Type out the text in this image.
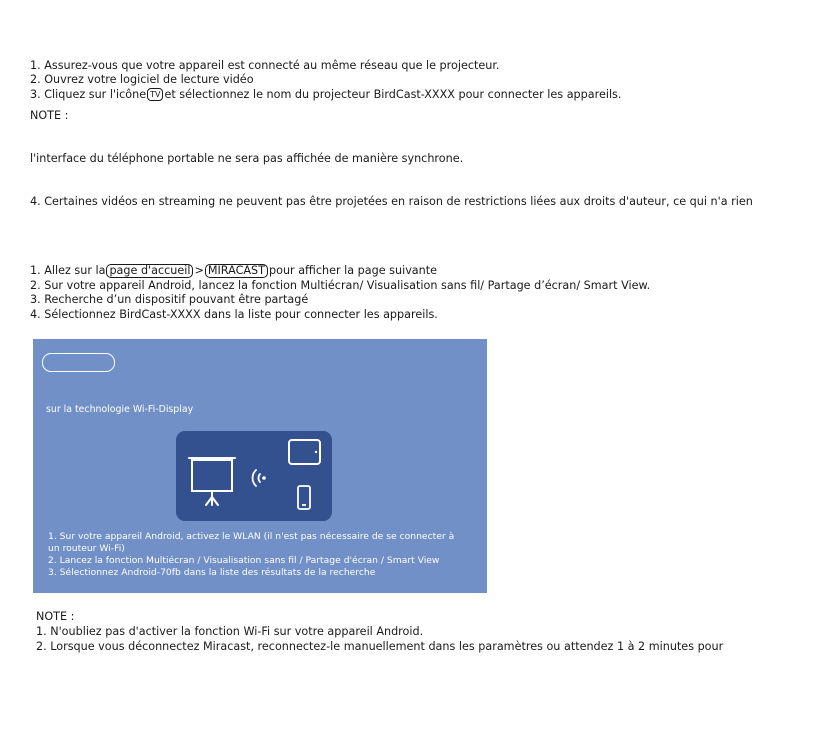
1. Assurez-vous que votre appareil est connecté au même réseau que le projecteur.
2. Ouvrez votre logiciel de lecture vidéo
3. Cliquez sur l'icône TV et sélectionnez le nom du projecteur BirdCast-XXXX pour connecter les appareils.
NOTE :
l'interface du téléphone portable ne sera pas affichée de manière synchrone.
4. Certaines vidéos en streaming ne peuvent pas être projetées en raison de restrictions liées aux droits d'auteur, ce qui n'a rien
1. Allez sur la page d'accueil > MIRACAST pour afficher la page suivante
2. Sur votre appareil Android, lancez la fonction Multiécran/ Visualisation sans fil/ Partage d’écran/ Smart View.
3. Recherche d’un dispositif pouvant être partagé
4. Sélectionnez BirdCast-XXXX dans la liste pour connecter les appareils.
sur la technologie Wi-Fi-Display
1. Sur votre appareil Android, activez le WLAN (il n'est pas nécessaire de se connecter à
un routeur Wi-Fi)
2. Lancez la fonction Multiécran / Visualisation sans fil / Partage d'écran / Smart View
3. Sélectionnez Android-70fb dans la liste des résultats de la recherche
NOTE :
1. N'oubliez pas d'activer la fonction Wi-Fi sur votre appareil Android.
2. Lorsque vous déconnectez Miracast, reconnectez-le manuellement dans les paramètres ou attendez 1 à 2 minutes pour
